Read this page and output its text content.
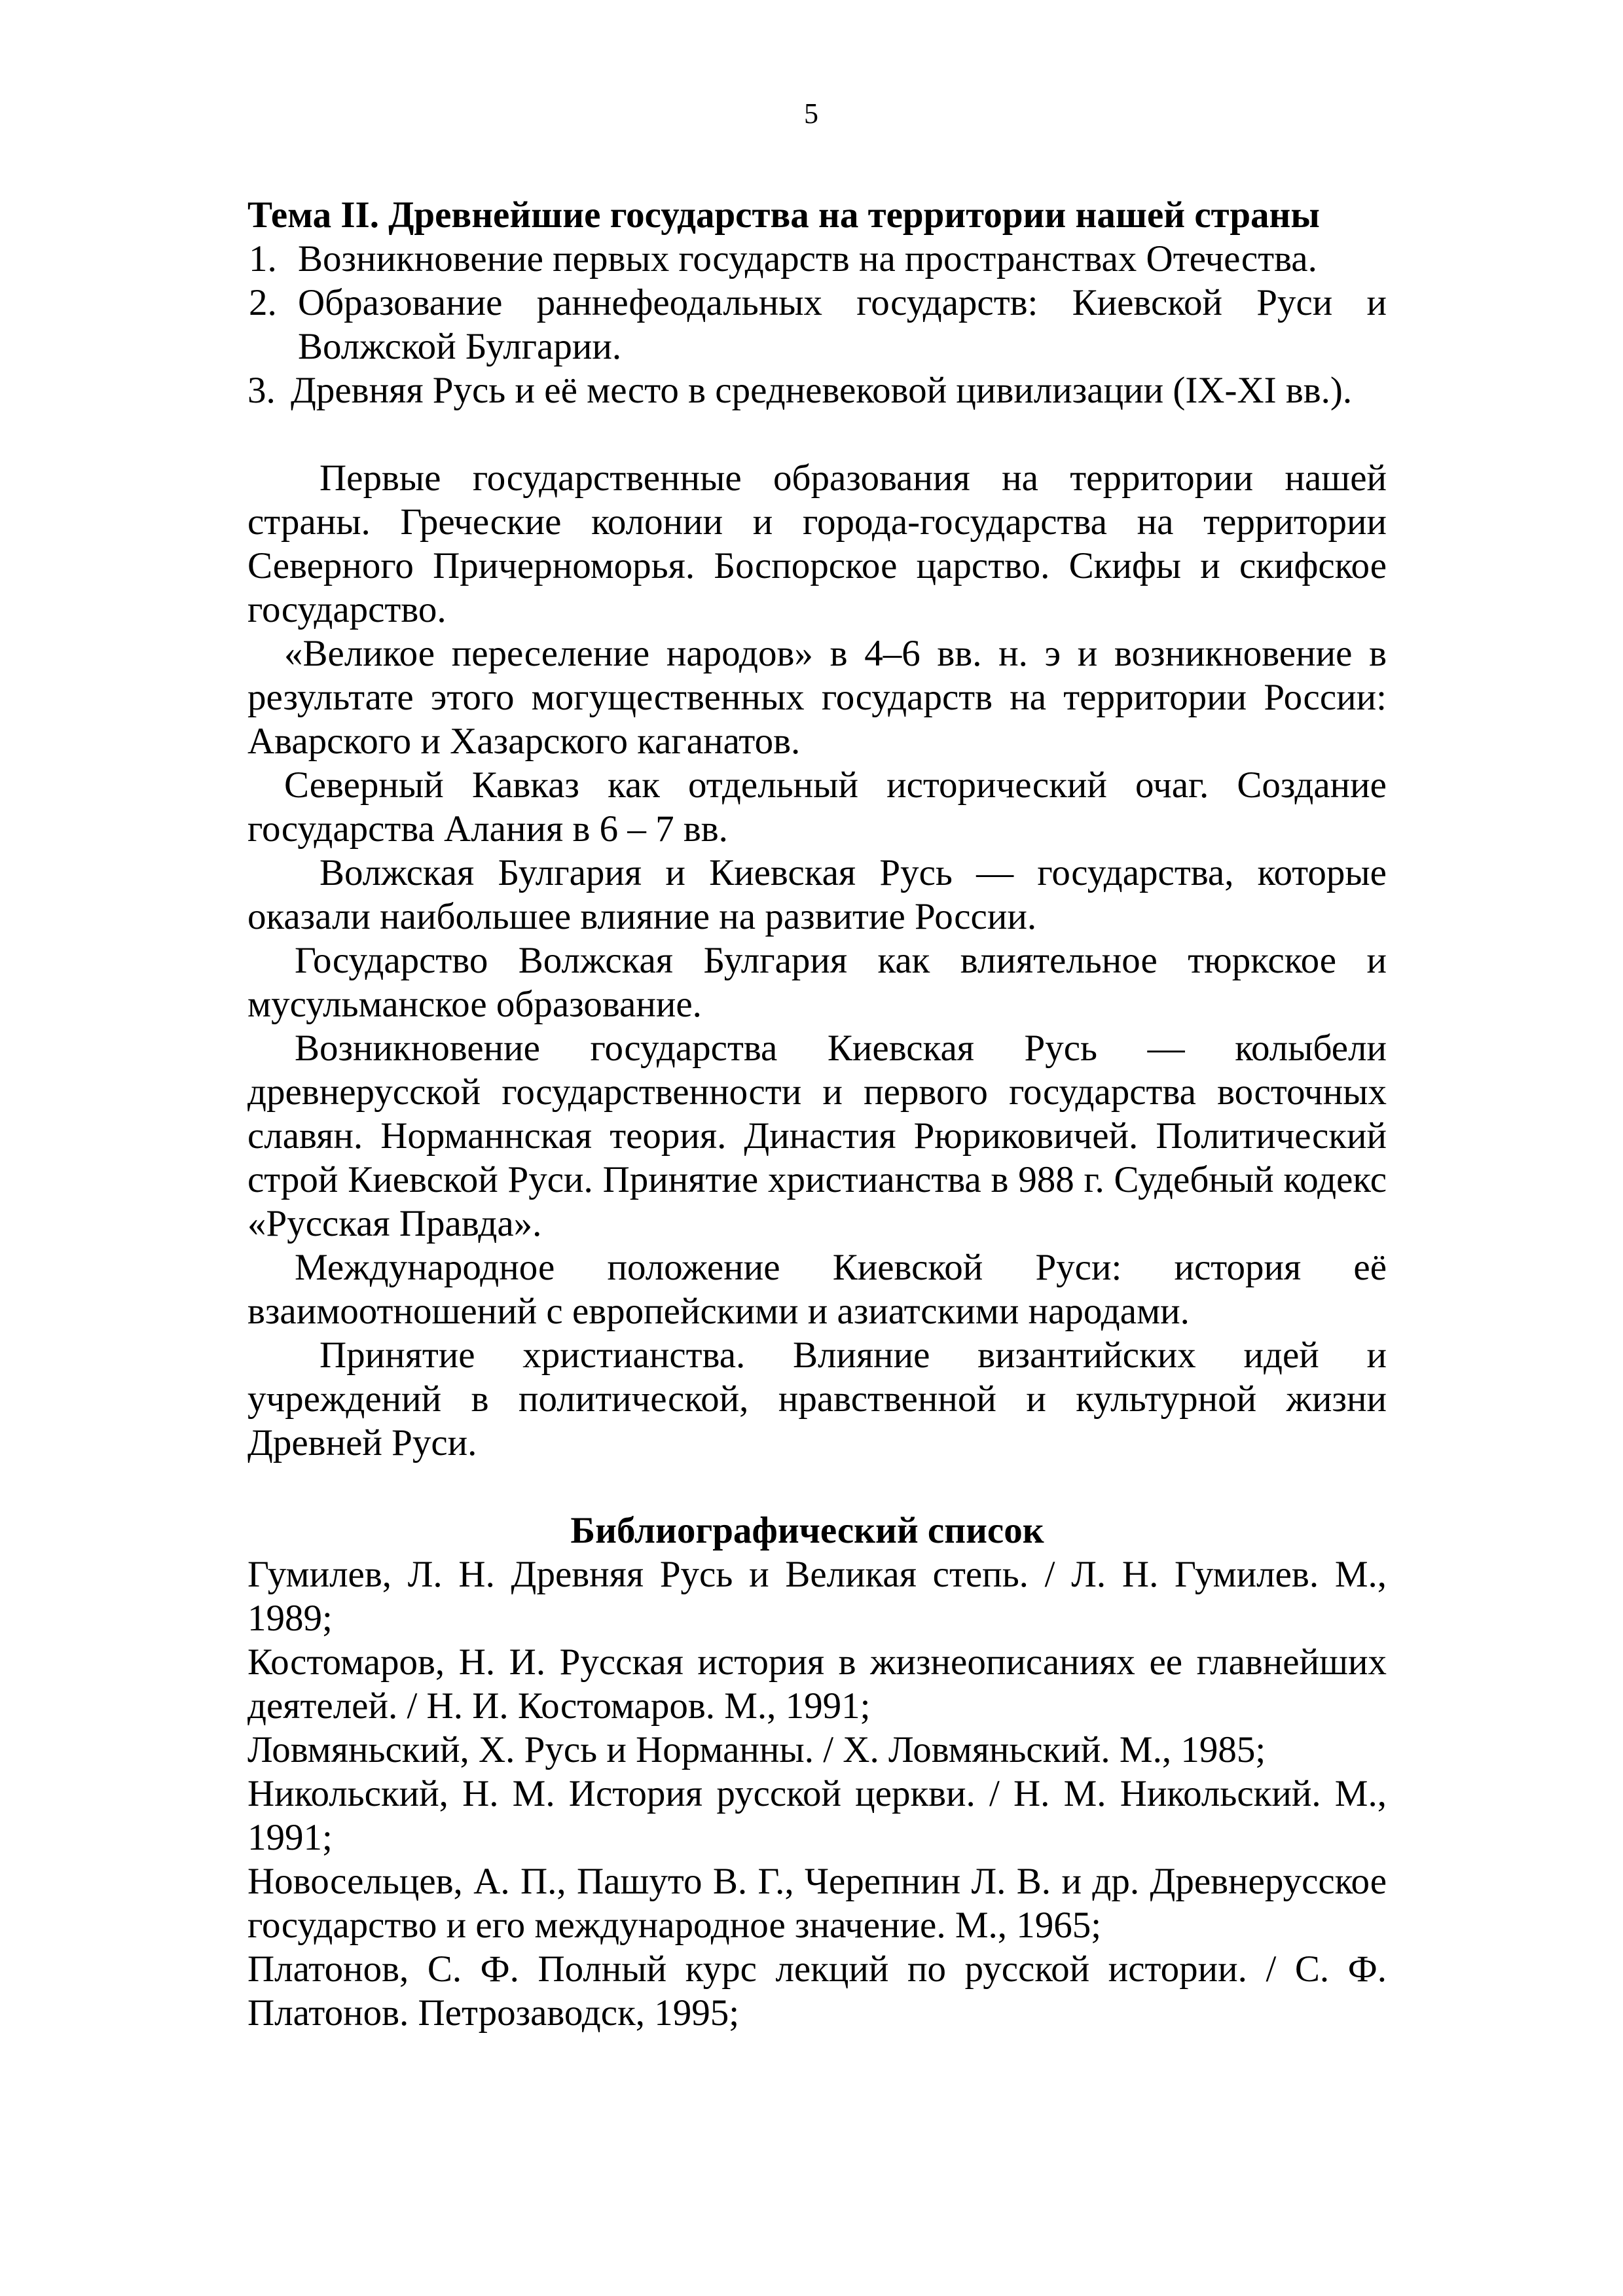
5

Тема II. Древнейшие государства на территории нашей страны

1. Возникновение первых государств на пространствах Отечества.
2. Образование раннефеодальных государств: Киевской Руси и Волжской Булгарии.
3. Древняя Русь и её место в средневековой цивилизации (IX-XI вв.).

Первые государственные образования на территории нашей страны. Греческие колонии и города-государства на территории Северного Причерноморья. Боспорское царство. Скифы и скифское государство.

«Великое переселение народов» в 4–6 вв. н. э и возникновение в результате этого могущественных государств на территории России: Аварского и Хазарского каганатов.

Северный Кавказ как отдельный исторический очаг. Создание государства Алания в 6 – 7 вв.

Волжская Булгария и Киевская Русь — государства, которые оказали наибольшее влияние на развитие России.

Государство Волжская Булгария как влиятельное тюркское и мусульманское образование.

Возникновение государства Киевская Русь — колыбели древнерусской государственности и первого государства восточных славян. Норманнская теория. Династия Рюриковичей. Политический строй Киевской Руси. Принятие христианства в 988 г. Судебный кодекс «Русская Правда».

Международное положение Киевской Руси: история её взаимоотношений с европейскими и азиатскими народами.

Принятие христианства. Влияние византийских идей и учреждений в политической, нравственной и культурной жизни Древней Руси.

Библиографический список

Гумилев, Л. Н. Древняя Русь и Великая степь. / Л. Н. Гумилев. М., 1989;

Костомаров, Н. И. Русская история в жизнеописаниях ее главнейших деятелей. / Н. И. Костомаров. М., 1991;

Ловмяньский, Х. Русь и Норманны. / Х. Ловмяньский. М., 1985;

Никольский, Н. М. История русской церкви. / Н. М. Никольский. М., 1991;

Новосельцев, А. П., Пашуто В. Г., Черепнин Л. В. и др. Древнерусское государство и его международное значение. М., 1965;

Платонов, С. Ф. Полный курс лекций по русской истории. / С. Ф. Платонов. Петрозаводск, 1995;
